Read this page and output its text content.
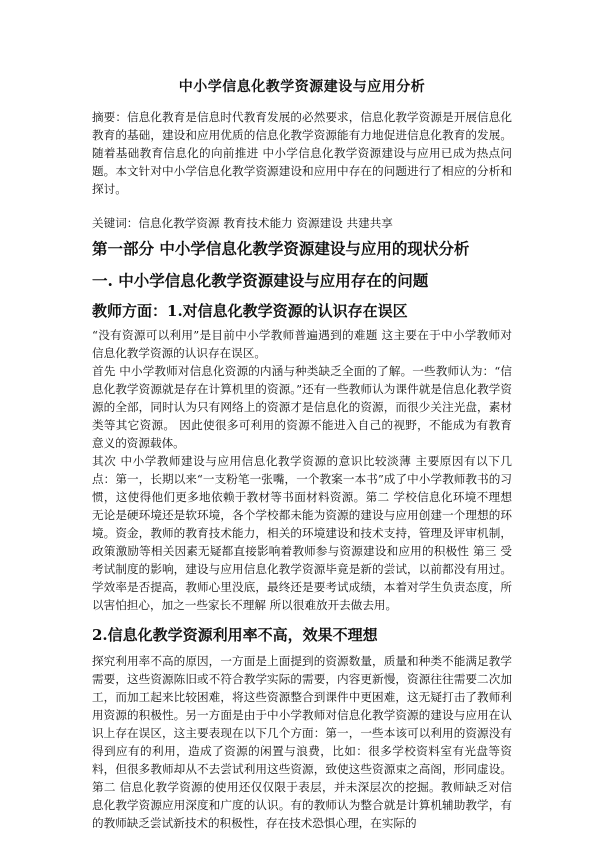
中小学信息化教学资源建设与应用分析

摘要：信息化教育是信息时代教育发展的必然要求，信息化教学资源是开展信息化教育的基础，建设和应用优质的信息化教学资源能有力地促进信息化教育的发展。随着基础教育信息化的向前推进 中小学信息化教学资源建设与应用已成为热点问题。本文针对中小学信息化教学资源建设和应用中存在的问题进行了相应的分析和探讨。

关键词：信息化教学资源 教育技术能力 资源建设 共建共享

第一部分 中小学信息化教学资源建设与应用的现状分析
一. 中小学信息化教学资源建设与应用存在的问题
教师方面：1.对信息化教学资源的认识存在误区

“没有资源可以利用”是目前中小学教师普遍遇到的难题 这主要在于中小学教师对信息化教学资源的认识存在误区。

首先 中小学教师对信息化资源的内涵与种类缺乏全面的了解。一些教师认为：“信息化教学资源就是存在计算机里的资源。”还有一些教师认为课件就是信息化教学资源的全部，同时认为只有网络上的资源才是信息化的资源，而很少关注光盘，素材类等其它资源。 因此使很多可利用的资源不能进入自己的视野，不能成为有教育意义的资源载体。

其次 中小学教师建设与应用信息化教学资源的意识比较淡薄 主要原因有以下几点：第一，长期以来“一支粉笔一张嘴，一个教案一本书”成了中小学教师教书的习惯，这使得他们更多地依赖于教材等书面材料资源。第二 学校信息化环境不理想 无论是硬环境还是软环境，各个学校都未能为资源的建设与应用创建一个理想的环境。资金，教师的教育技术能力，相关的环境建设和技术支持，管理及评审机制，政策激励等相关因素无疑都直接影响着教师参与资源建设和应用的积极性 第三 受考试制度的影响，建设与应用信息化教学资源毕竟是新的尝试，以前都没有用过。学效率是否提高，教师心里没底，最终还是要考试成绩，本着对学生负责态度，所以害怕担心，加之一些家长不理解 所以很难放开去做去用。

2.信息化教学资源利用率不高，效果不理想

探究利用率不高的原因，一方面是上面提到的资源数量，质量和种类不能满足教学需要，这些资源陈旧或不符合教学实际的需要，内容更新慢，资源往往需要二次加工，而加工起来比较困难，将这些资源整合到课件中更困难，这无疑打击了教师利用资源的积极性。另一方面是由于中小学教师对信息化教学资源的建设与应用在认识上存在误区，这主要表现在以下几个方面：第一，一些本该可以利用的资源没有得到应有的利用，造成了资源的闲置与浪费，比如：很多学校资料室有光盘等资料，但很多教师却从不去尝试利用这些资源，致使这些资源束之高阁，形同虚设。第二 信息化教学资源的使用还仅仅限于表层，并未深层次的挖掘。教师缺乏对信息化教学资源应用深度和广度的认识。有的教师认为整合就是计算机辅助教学，有的教师缺乏尝试新技术的积极性，存在技术恐惧心理，在实际的
